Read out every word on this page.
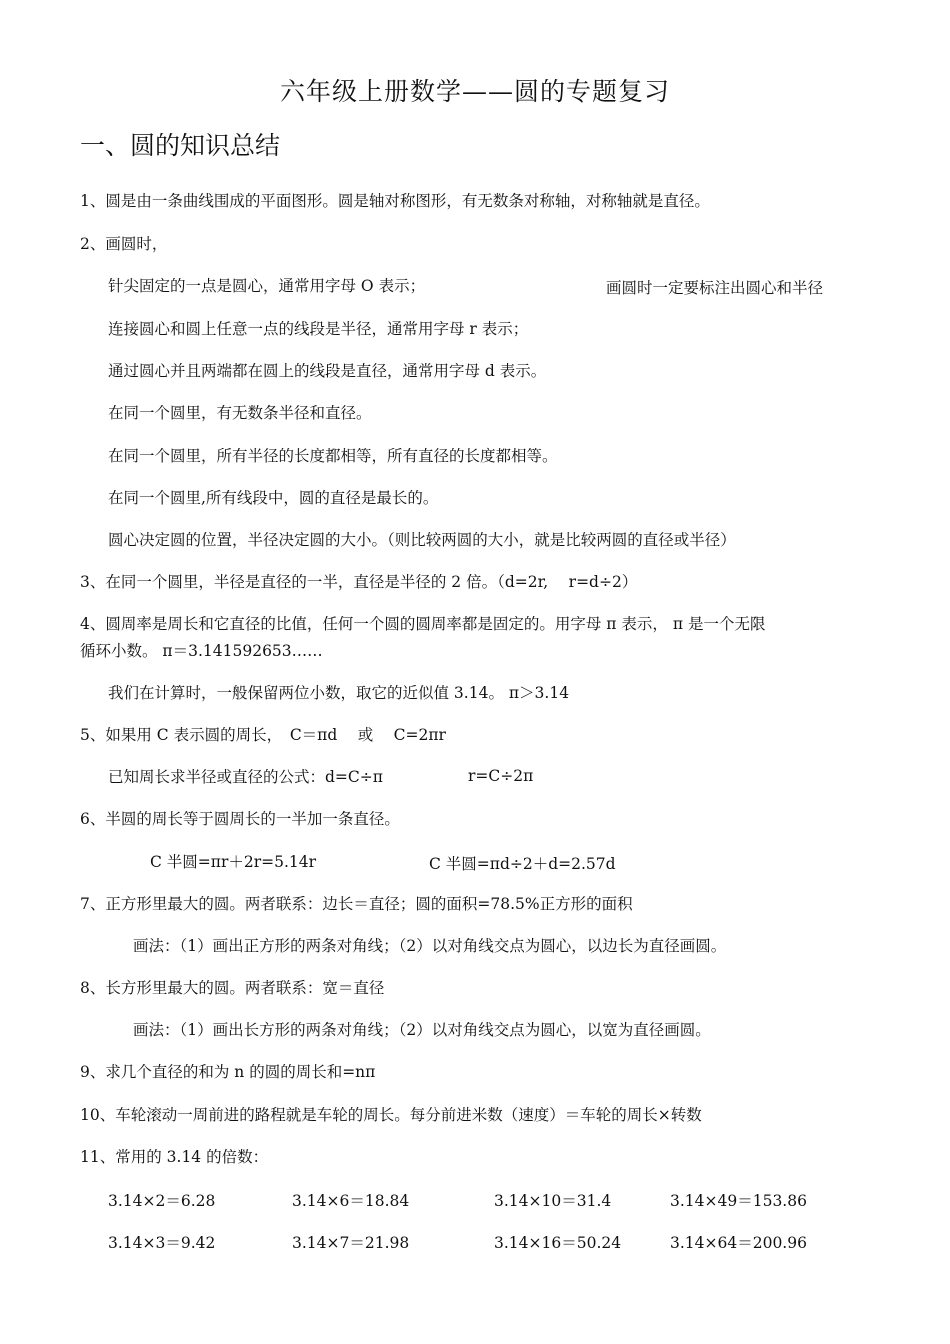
六年级上册数学——圆的专题复习
一、圆的知识总结
1、圆是由一条曲线围成的平面图形。圆是轴对称图形，有无数条对称轴，对称轴就是直径。
2、画圆时，
针尖固定的一点是圆心，通常用字母 O 表示；	画圆时一定要标注出圆心和半径
连接圆心和圆上任意一点的线段是半径，通常用字母 r 表示；
通过圆心并且两端都在圆上的线段是直径，通常用字母 d 表示。
在同一个圆里，有无数条半径和直径。
在同一个圆里，所有半径的长度都相等，所有直径的长度都相等。
在同一个圆里,所有线段中，圆的直径是最长的。
圆心决定圆的位置，半径决定圆的大小。（则比较两圆的大小，就是比较两圆的直径或半径）
3、在同一个圆里，半径是直径的一半，直径是半径的 2 倍。（d=2r,　 r=d÷2）
4、圆周率是周长和它直径的比值，任何一个圆的圆周率都是固定的。用字母 π 表示， π 是一个无限
循环小数。 π＝3.141592653……
我们在计算时，一般保留两位小数，取它的近似值 3.14。 π＞3.14
5、如果用 C 表示圆的周长，　C＝πd　 或　 C=2πr
已知周长求半径或直径的公式：d=C÷π	r=C÷2π
6、半圆的周长等于圆周长的一半加一条直径。
C 半圆=πr＋2r=5.14r	C 半圆=πd÷2＋d=2.57d
7、正方形里最大的圆。两者联系：边长＝直径；圆的面积=78.5%正方形的面积
画法：（1）画出正方形的两条对角线；（2）以对角线交点为圆心，以边长为直径画圆。
8、长方形里最大的圆。两者联系：宽＝直径
画法：（1）画出长方形的两条对角线；（2）以对角线交点为圆心，以宽为直径画圆。
9、求几个直径的和为 n 的圆的周长和=nπ
10、车轮滚动一周前进的路程就是车轮的周长。每分前进米数（速度）＝车轮的周长×转数
11、常用的 3.14 的倍数：
3.14×2＝6.28	3.14×6＝18.84	3.14×10＝31.4	3.14×49＝153.86
3.14×3＝9.42	3.14×7＝21.98	3.14×16＝50.24	3.14×64＝200.96
